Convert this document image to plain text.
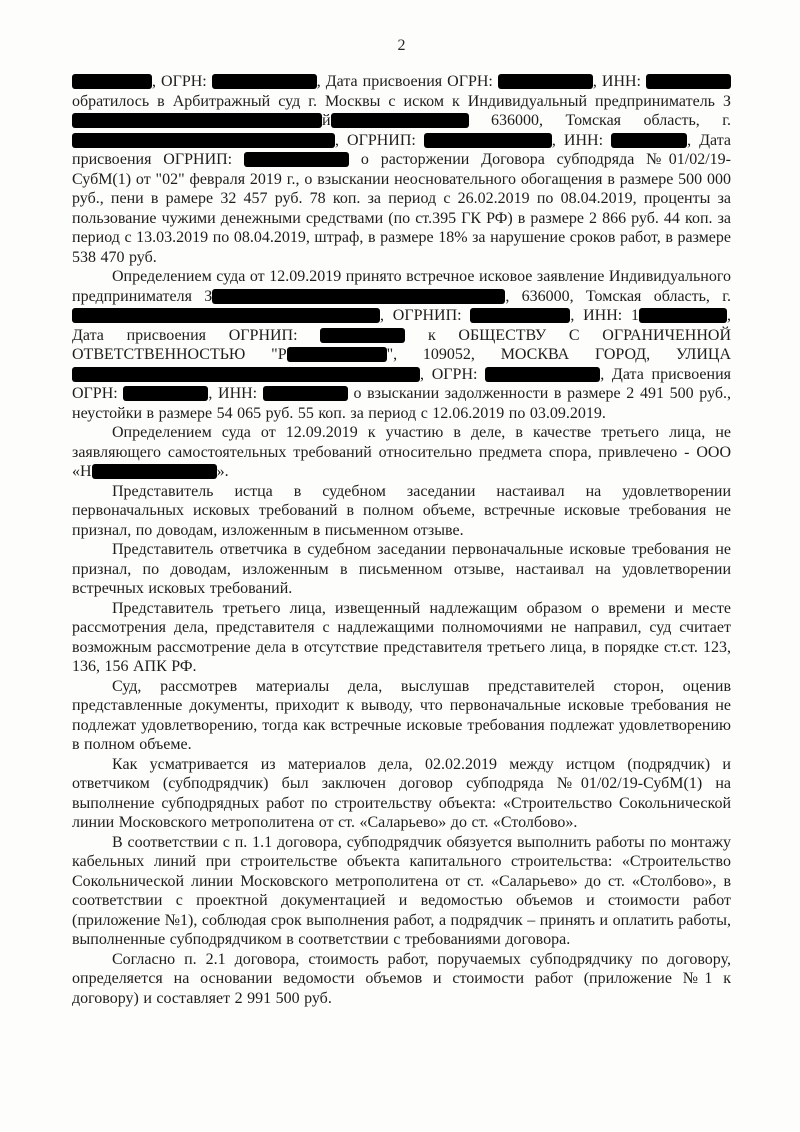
2

, ОГРН:	, Дата присвоения ОГРН:	, ИНН:  обратилось в Арбитражный суд г. Москвы с иском к Индивидуальный предприниматель Зй	636000, Томская область, г. , ОГРНИП:	, ИНН:	, Дата присвоения ОГРНИП:	о расторжении Договора субподряда №01/02/19-СубМ(1) от "02" февраля 2019 г., о взыскании неосновательного обогащения в размере 500 000 руб., пени в рамере 32 457 руб. 78 коп. за период с 26.02.2019 по 08.04.2019, проценты за пользование чужими денежными средствами (по ст.395 ГК РФ) в размере 2 866 руб. 44 коп. за период с 13.03.2019 по 08.04.2019, штраф, в размере 18% за нарушение сроков работ, в размере 538 470 руб.

Определением суда от 12.09.2019 принято встречное исковое заявление Индивидуального предпринимателя З	, 636000, Томская область, г. , ОГРНИП:	, ИНН: 1	, Дата присвоения ОГРНИП:	к ОБЩЕСТВУ С ОГРАНИЧЕННОЙ ОТВЕТСТВЕННОСТЬЮ "Р	", 109052, МОСКВА ГОРОД, УЛИЦА , ОГРН:	, Дата присвоения ОГРН:	, ИНН:	о взыскании задолженности в размере 2 491 500 руб., неустойки в размере 54 065 руб. 55 коп. за период с 12.06.2019 по 03.09.2019.

Определением суда от 12.09.2019 к участию в деле, в качестве третьего лица, не заявляющего самостоятельных требований относительно предмета спора, привлечено - ООО «Н	».

Представитель истца в судебном заседании настаивал на удовлетворении первоначальных исковых требований в полном объеме, встречные исковые требования не признал, по доводам, изложенным в письменном отзыве.

Представитель ответчика в судебном заседании первоначальные исковые требования не признал, по доводам, изложенным в письменном отзыве, настаивал на удовлетворении встречных исковых требований.

Представитель третьего лица, извещенный надлежащим образом о времени и месте рассмотрения дела, представителя с надлежащими полномочиями не направил, суд считает возможным рассмотрение дела в отсутствие представителя третьего лица, в порядке ст.ст. 123, 136, 156 АПК РФ.

Суд, рассмотрев материалы дела, выслушав представителей сторон, оценив представленные документы, приходит к выводу, что первоначальные исковые требования не подлежат удовлетворению, тогда как встречные исковые требования подлежат удовлетворению в полном объеме.

Как усматривается из материалов дела, 02.02.2019 между истцом (подрядчик) и ответчиком (субподрядчик) был заключен договор субподряда №01/02/19-СубМ(1) на выполнение субподрядных работ по строительству объекта: «Строительство Сокольнической линии Московского метрополитена от ст. «Саларьево» до ст. «Столбово».

В соответствии с п. 1.1 договора, субподрядчик обязуется выполнить работы по монтажу кабельных линий при строительстве объекта капитального строительства: «Строительство Сокольнической линии Московского метрополитена от ст. «Саларьево» до ст. «Столбово», в соответствии с проектной документацией и ведомостью объемов и стоимости работ (приложение №1), соблюдая срок выполнения работ, а подрядчик – принять и оплатить работы, выполненные субподрядчиком в соответствии с требованиями договора.

Согласно п. 2.1 договора, стоимость работ, поручаемых субподрядчику по договору, определяется на основании ведомости объемов и стоимости работ (приложение №1 к договору) и составляет 2 991 500 руб.
